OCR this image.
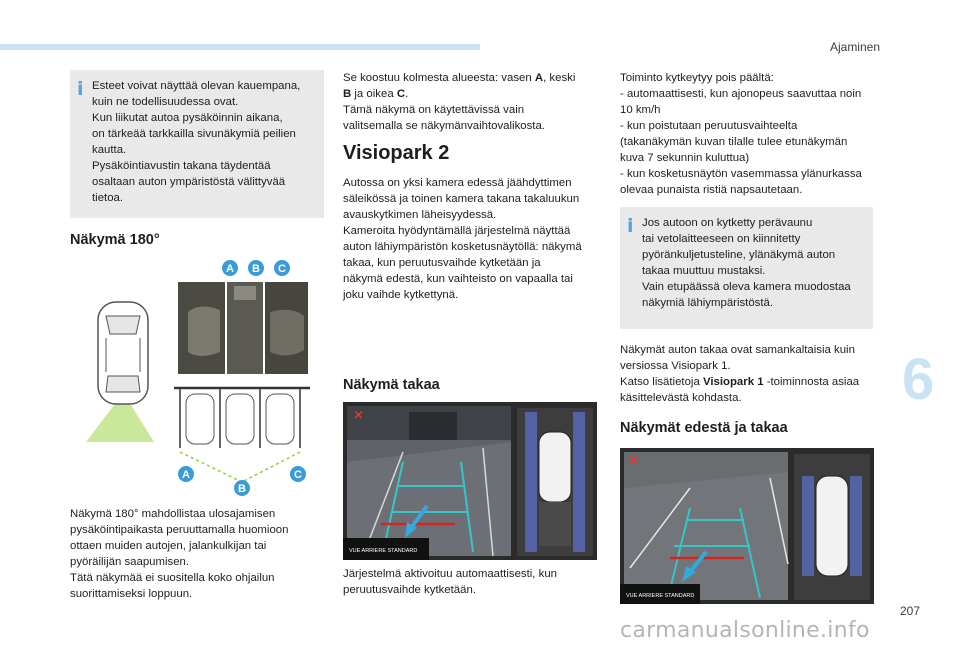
Ajaminen
6
i Esteet voivat näyttää olevan kauempana,
kuin ne todellisuudessa ovat.
Kun liikutat autoa pysäköinnin aikana,
on tärkeää tarkkailla sivunäkymiä peilien
kautta.
Pysäköintiavustin takana täydentää
osaltaan auton ympäristöstä välittyvää
tietoa.
Näkymä 180°
A B C
A
B
C
Näkymä 180° mahdollistaa ulosajamisen
pysäköintipaikasta peruuttamalla huomioon
ottaen muiden autojen, jalankulkijan tai
pyöräilijän saapumisen.
Tätä näkymää ei suositella koko ohjailun
suorittamiseksi loppuun.
Se koostuu kolmesta alueesta: vasen A, keski
B ja oikea C.
Tämä näkymä on käytettävissä vain
valitsemalla se näkymänvaihtovalikosta.
Visiopark 2
Autossa on yksi kamera edessä jäähdyttimen
säleikössä ja toinen kamera takana takaluukun
avauskytkimen läheisyydessä.
Kameroita hyödyntämällä järjestelmä näyttää
auton lähiympäristön kosketusnäytöllä: näkymä
takaa, kun peruutusvaihde kytketään ja
näkymä edestä, kun vaihteisto on vapaalla tai
joku vaihde kytkettynä.
Näkymä takaa
×
VUE ARRIERE STANDARD
Järjestelmä aktivoituu automaattisesti, kun
peruutusvaihde kytketään.
Toiminto kytkeytyy pois päältä:
- automaattisesti, kun ajonopeus saavuttaa noin
10 km/h
- kun poistutaan peruutusvaihteelta
(takanäkymän kuvan tilalle tulee etunäkymän
kuva 7 sekunnin kuluttua)
- kun kosketusnäytön vasemmassa ylänurkassa
olevaa punaista ristiä napsautetaan.
i Jos autoon on kytketty perävaunu
tai vetolaitteeseen on kiinnitetty
pyöränkuljetusteline, ylänäkymä auton
takaa muuttuu mustaksi.
Vain etupäässä oleva kamera muodostaa
näkymiä lähiympäristöstä.
Näkymät auton takaa ovat samankaltaisia kuin
versiossa Visiopark 1.
Katso lisätietoja Visiopark 1 -toiminnosta asiaa
käsittelevästä kohdasta.
Näkymät edestä ja takaa
×
VUE ARRIERE STANDARD
207
carmanualsonline.info
